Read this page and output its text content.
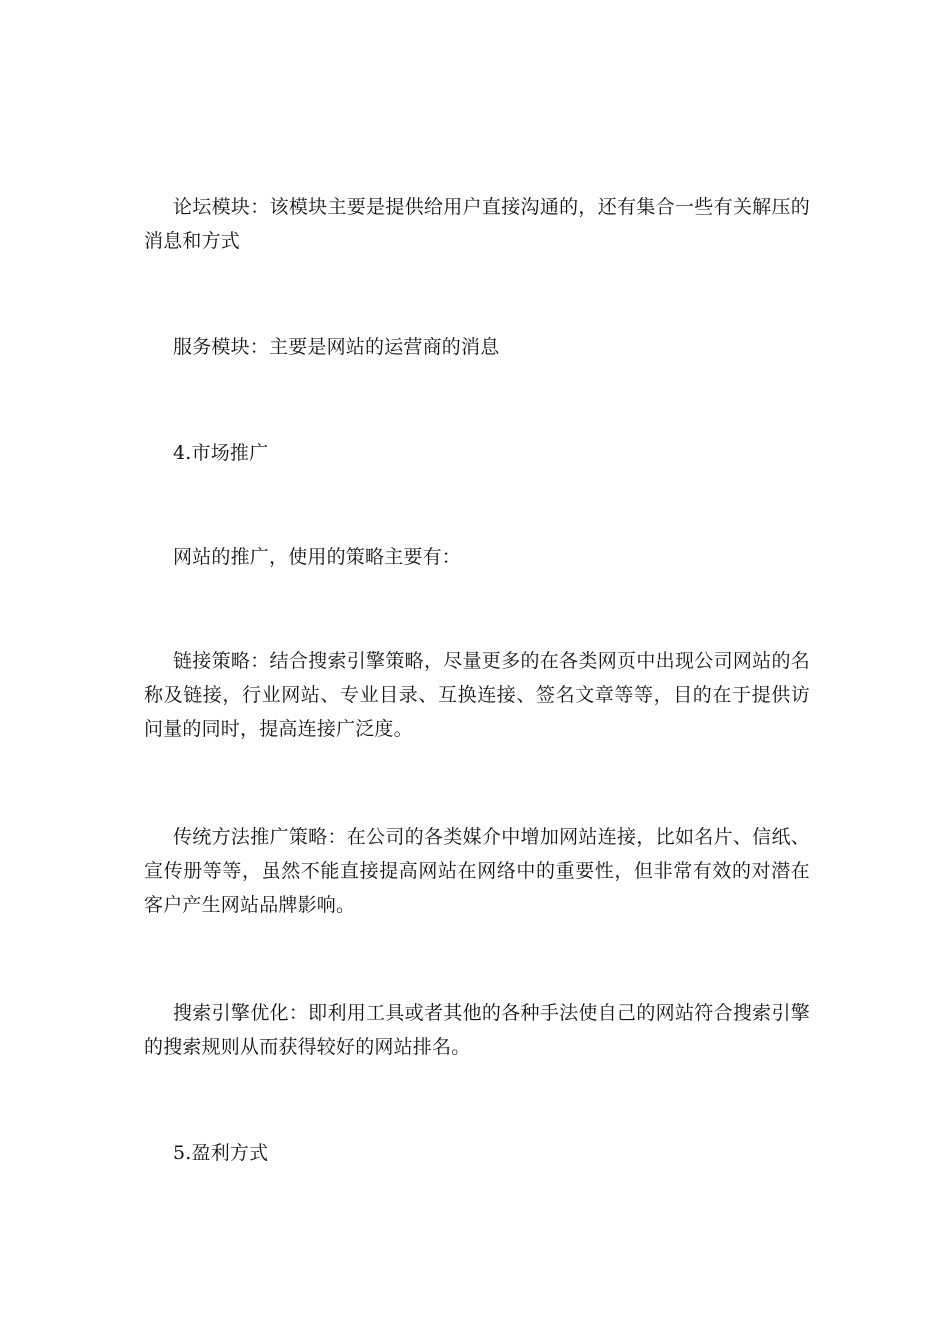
论坛模块：该模块主要是提供给用户直接沟通的，还有集合一些有关解压的消息和方式

服务模块：主要是网站的运营商的消息

4.市场推广

网站的推广，使用的策略主要有：

链接策略：结合搜索引擎策略，尽量更多的在各类网页中出现公司网站的名称及链接，行业网站、专业目录、互换连接、签名文章等等，目的在于提供访问量的同时，提高连接广泛度。

传统方法推广策略：在公司的各类媒介中增加网站连接，比如名片、信纸、宣传册等等，虽然不能直接提高网站在网络中的重要性，但非常有效的对潜在客户产生网站品牌影响。

搜索引擎优化：即利用工具或者其他的各种手法使自己的网站符合搜索引擎的搜索规则从而获得较好的网站排名。

5.盈利方式
